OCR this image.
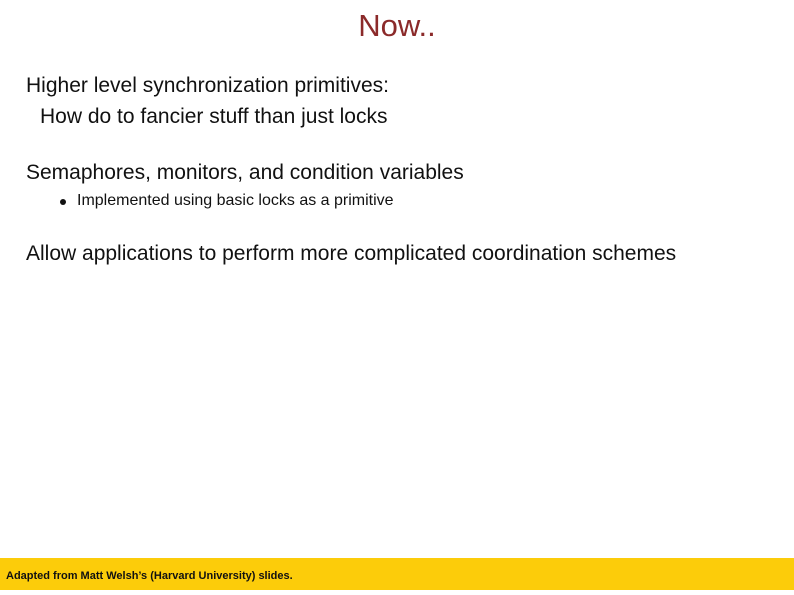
Now..
Higher level synchronization primitives:
How do to fancier stuff than just locks
Semaphores, monitors, and condition variables
Implemented using basic locks as a primitive
Allow applications to perform more complicated coordination schemes
Adapted from Matt Welsh’s (Harvard University) slides.
